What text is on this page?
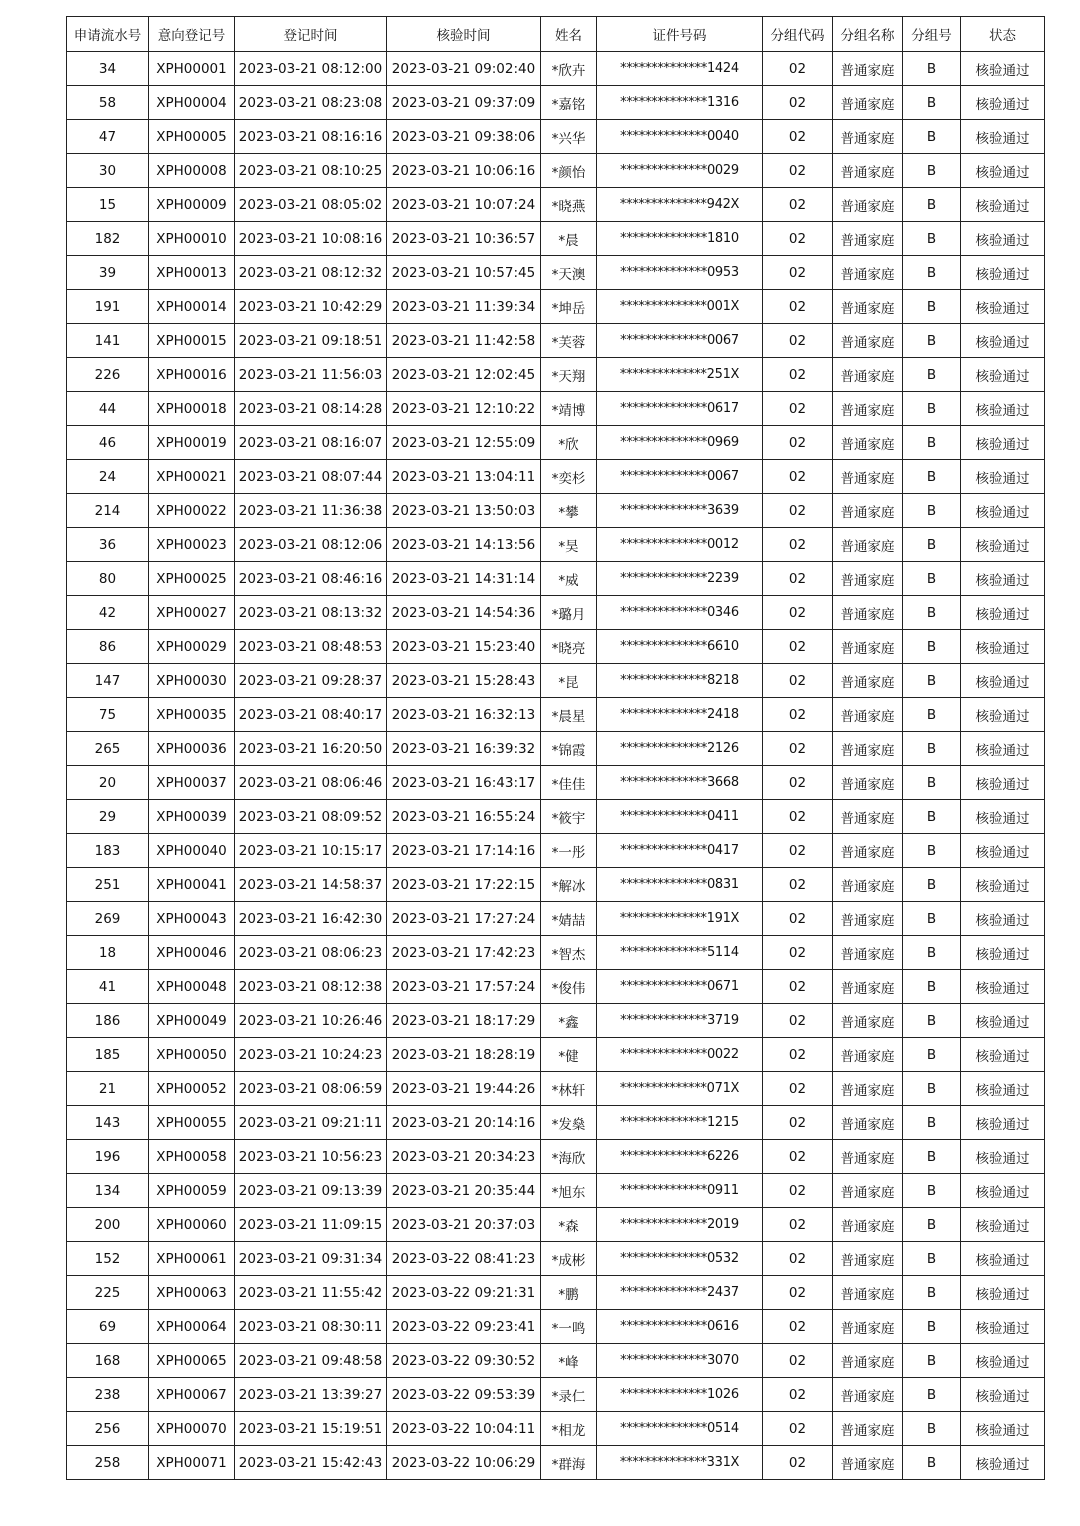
申请流水号	意向登记号	登记时间	核验时间	姓名	证件号码	分组代码	分组名称	分组号	状态
34	XPH00001	2023-03-21 08:12:00	2023-03-21 09:02:40	*欣卉	**************1424	02	普通家庭	B	核验通过
58	XPH00004	2023-03-21 08:23:08	2023-03-21 09:37:09	*嘉铭	**************1316	02	普通家庭	B	核验通过
47	XPH00005	2023-03-21 08:16:16	2023-03-21 09:38:06	*兴华	**************0040	02	普通家庭	B	核验通过
30	XPH00008	2023-03-21 08:10:25	2023-03-21 10:06:16	*颜怡	**************0029	02	普通家庭	B	核验通过
15	XPH00009	2023-03-21 08:05:02	2023-03-21 10:07:24	*晓燕	**************942X	02	普通家庭	B	核验通过
182	XPH00010	2023-03-21 10:08:16	2023-03-21 10:36:57	*晨	**************1810	02	普通家庭	B	核验通过
39	XPH00013	2023-03-21 08:12:32	2023-03-21 10:57:45	*天澳	**************0953	02	普通家庭	B	核验通过
191	XPH00014	2023-03-21 10:42:29	2023-03-21 11:39:34	*坤岳	**************001X	02	普通家庭	B	核验通过
141	XPH00015	2023-03-21 09:18:51	2023-03-21 11:42:58	*芙蓉	**************0067	02	普通家庭	B	核验通过
226	XPH00016	2023-03-21 11:56:03	2023-03-21 12:02:45	*天翔	**************251X	02	普通家庭	B	核验通过
44	XPH00018	2023-03-21 08:14:28	2023-03-21 12:10:22	*靖博	**************0617	02	普通家庭	B	核验通过
46	XPH00019	2023-03-21 08:16:07	2023-03-21 12:55:09	*欣	**************0969	02	普通家庭	B	核验通过
24	XPH00021	2023-03-21 08:07:44	2023-03-21 13:04:11	*奕杉	**************0067	02	普通家庭	B	核验通过
214	XPH00022	2023-03-21 11:36:38	2023-03-21 13:50:03	*攀	**************3639	02	普通家庭	B	核验通过
36	XPH00023	2023-03-21 08:12:06	2023-03-21 14:13:56	*昊	**************0012	02	普通家庭	B	核验通过
80	XPH00025	2023-03-21 08:46:16	2023-03-21 14:31:14	*威	**************2239	02	普通家庭	B	核验通过
42	XPH00027	2023-03-21 08:13:32	2023-03-21 14:54:36	*璐月	**************0346	02	普通家庭	B	核验通过
86	XPH00029	2023-03-21 08:48:53	2023-03-21 15:23:40	*晓亮	**************6610	02	普通家庭	B	核验通过
147	XPH00030	2023-03-21 09:28:37	2023-03-21 15:28:43	*昆	**************8218	02	普通家庭	B	核验通过
75	XPH00035	2023-03-21 08:40:17	2023-03-21 16:32:13	*晨星	**************2418	02	普通家庭	B	核验通过
265	XPH00036	2023-03-21 16:20:50	2023-03-21 16:39:32	*锦霞	**************2126	02	普通家庭	B	核验通过
20	XPH00037	2023-03-21 08:06:46	2023-03-21 16:43:17	*佳佳	**************3668	02	普通家庭	B	核验通过
29	XPH00039	2023-03-21 08:09:52	2023-03-21 16:55:24	*筱宇	**************0411	02	普通家庭	B	核验通过
183	XPH00040	2023-03-21 10:15:17	2023-03-21 17:14:16	*一彤	**************0417	02	普通家庭	B	核验通过
251	XPH00041	2023-03-21 14:58:37	2023-03-21 17:22:15	*解冰	**************0831	02	普通家庭	B	核验通过
269	XPH00043	2023-03-21 16:42:30	2023-03-21 17:27:24	*婧喆	**************191X	02	普通家庭	B	核验通过
18	XPH00046	2023-03-21 08:06:23	2023-03-21 17:42:23	*智杰	**************5114	02	普通家庭	B	核验通过
41	XPH00048	2023-03-21 08:12:38	2023-03-21 17:57:24	*俊伟	**************0671	02	普通家庭	B	核验通过
186	XPH00049	2023-03-21 10:26:46	2023-03-21 18:17:29	*鑫	**************3719	02	普通家庭	B	核验通过
185	XPH00050	2023-03-21 10:24:23	2023-03-21 18:28:19	*健	**************0022	02	普通家庭	B	核验通过
21	XPH00052	2023-03-21 08:06:59	2023-03-21 19:44:26	*林轩	**************071X	02	普通家庭	B	核验通过
143	XPH00055	2023-03-21 09:21:11	2023-03-21 20:14:16	*发燊	**************1215	02	普通家庭	B	核验通过
196	XPH00058	2023-03-21 10:56:23	2023-03-21 20:34:23	*海欣	**************6226	02	普通家庭	B	核验通过
134	XPH00059	2023-03-21 09:13:39	2023-03-21 20:35:44	*旭东	**************0911	02	普通家庭	B	核验通过
200	XPH00060	2023-03-21 11:09:15	2023-03-21 20:37:03	*森	**************2019	02	普通家庭	B	核验通过
152	XPH00061	2023-03-21 09:31:34	2023-03-22 08:41:23	*成彬	**************0532	02	普通家庭	B	核验通过
225	XPH00063	2023-03-21 11:55:42	2023-03-22 09:21:31	*鹏	**************2437	02	普通家庭	B	核验通过
69	XPH00064	2023-03-21 08:30:11	2023-03-22 09:23:41	*一鸣	**************0616	02	普通家庭	B	核验通过
168	XPH00065	2023-03-21 09:48:58	2023-03-22 09:30:52	*峰	**************3070	02	普通家庭	B	核验通过
238	XPH00067	2023-03-21 13:39:27	2023-03-22 09:53:39	*录仁	**************1026	02	普通家庭	B	核验通过
256	XPH00070	2023-03-21 15:19:51	2023-03-22 10:04:11	*相龙	**************0514	02	普通家庭	B	核验通过
258	XPH00071	2023-03-21 15:42:43	2023-03-22 10:06:29	*群海	**************331X	02	普通家庭	B	核验通过
